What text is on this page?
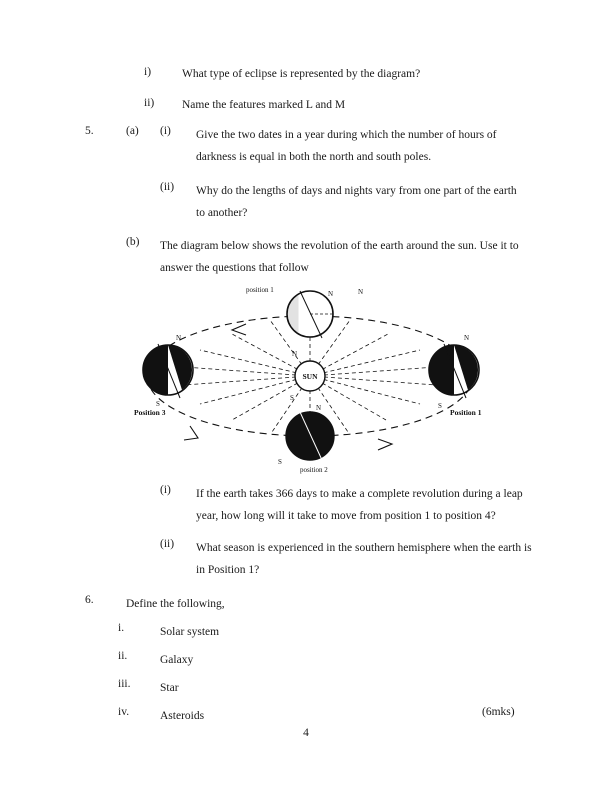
i)	What type of eclipse is represented by the diagram?
ii)	Name the features marked L and M
5.	(a) (i) Give the two dates in a year during which the number of hours of darkness is equal in both the north and south poles.
(ii) Why do the lengths of days and nights vary from one part of the earth to another?
(b) The diagram below shows the revolution of the earth around the sun. Use it to answer the questions that follow
SUN
N
S
N	N
position 1
N
S
Position 3
N
S
Position 1
N
S
position 2
(i) If the earth takes 366 days to make a complete revolution during a leap year, how long will it take to move from position 1 to position 4?
(ii) What season is experienced in the southern hemisphere when the earth is in Position 1?
6.	Define the following,
i.	Solar system
ii.	Galaxy
iii.	Star
iv.	Asteroids	(6mks)
4
